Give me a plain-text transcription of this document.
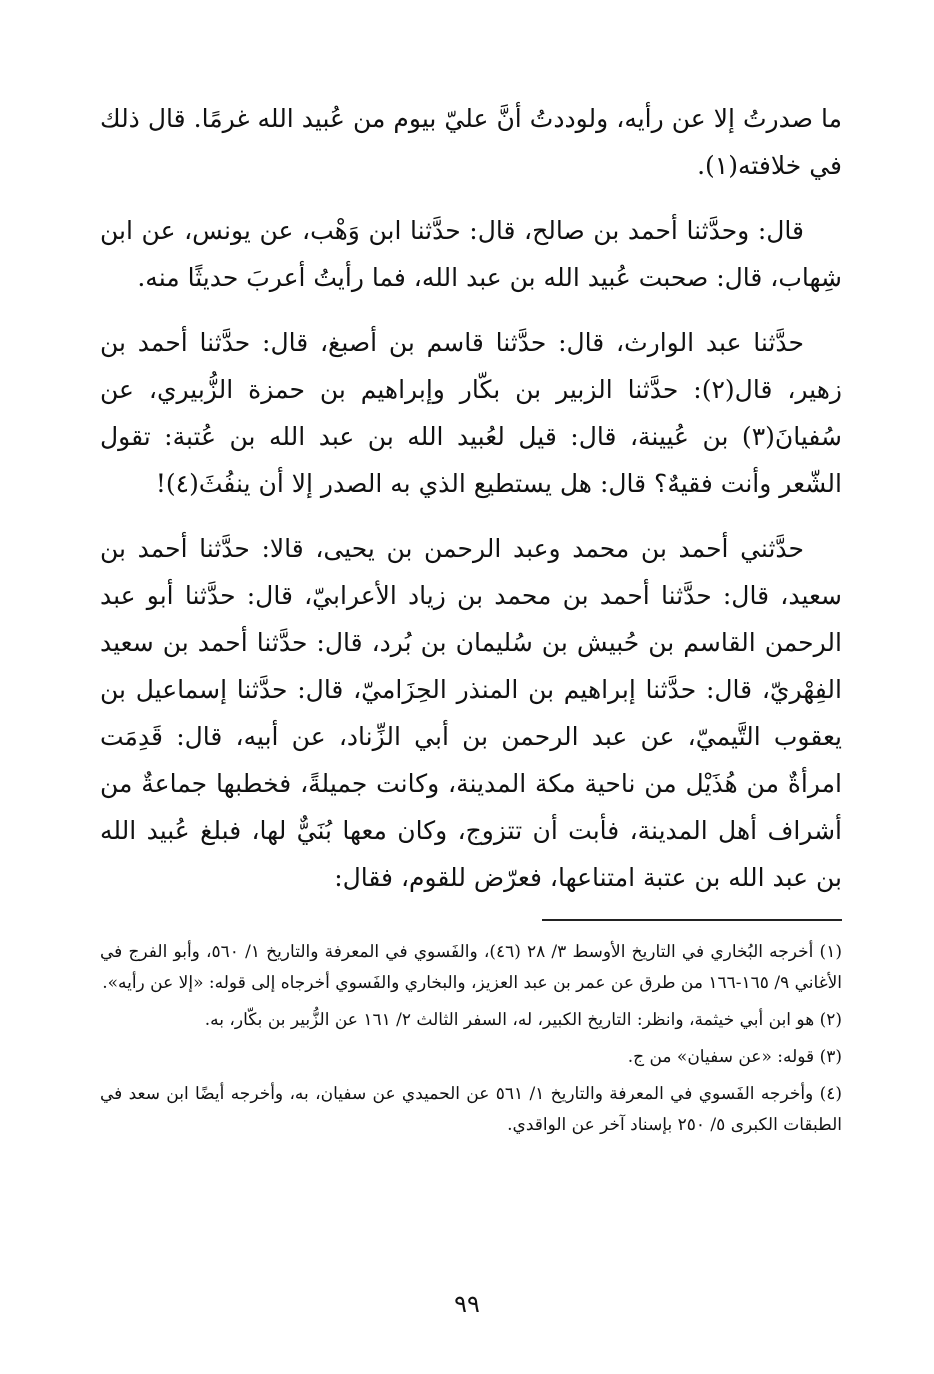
ما صدرتُ إلا عن رأيه، ولوددتُ أنَّ عليّ بيوم من عُبيد الله غرمًا. قال ذلك في خلافته(١).

قال: وحدَّثنا أحمد بن صالح، قال: حدَّثنا ابن وَهْب، عن يونس، عن ابن شِهاب، قال: صحبت عُبيد الله بن عبد الله، فما رأيتُ أعربَ حديثًا منه.

حدَّثنا عبد الوارث، قال: حدَّثنا قاسم بن أصبغ، قال: حدَّثنا أحمد بن زهير، قال(٢): حدَّثنا الزبير بن بكّار وإبراهيم بن حمزة الزُّبيري، عن سُفيانَ(٣) بن عُيينة، قال: قيل لعُبيد الله بن عبد الله بن عُتبة: تقول الشّعر وأنت فقيهٌ؟ قال: هل يستطيع الذي به الصدر إلا أن ينفُثَ(٤)!

حدَّثني أحمد بن محمد وعبد الرحمن بن يحيى، قالا: حدَّثنا أحمد بن سعيد، قال: حدَّثنا أحمد بن محمد بن زياد الأعرابيّ، قال: حدَّثنا أبو عبد الرحمن القاسم بن حُبيش بن سُليمان بن بُرد، قال: حدَّثنا أحمد بن سعيد الفِهْريّ، قال: حدَّثنا إبراهيم بن المنذر الحِزَاميّ، قال: حدَّثنا إسماعيل بن يعقوب التَّيميّ، عن عبد الرحمن بن أبي الزِّناد، عن أبيه، قال: قَدِمَت امرأةٌ من هُذَيْل من ناحية مكة المدينة، وكانت جميلةً، فخطبها جماعةٌ من أشراف أهل المدينة، فأبت أن تتزوج، وكان معها بُنَيٌّ لها، فبلغ عُبيد الله بن عبد الله بن عتبة امتناعها، فعرّض للقوم، فقال:

(١) أخرجه البُخاري في التاريخ الأوسط ٣/ ٢٨ (٤٦)، والفَسوي في المعرفة والتاريخ ١/ ٥٦٠، وأبو الفرج في الأغاني ٩/ ١٦٥-١٦٦ من طرق عن عمر بن عبد العزيز، والبخاري والفَسوي أخرجاه إلى قوله: «إلا عن رأيه».

(٢) هو ابن أبي خيثمة، وانظر: التاريخ الكبير، له، السفر الثالث ٢/ ١٦١ عن الزُّبير بن بكّار، به.

(٣) قوله: «عن سفيان» من ج.

(٤) وأخرجه الفَسوي في المعرفة والتاريخ ١/ ٥٦١ عن الحميدي عن سفيان، به، وأخرجه أيضًا ابن سعد في الطبقات الكبرى ٥/ ٢٥٠ بإسناد آخر عن الواقدي.

٩٩
